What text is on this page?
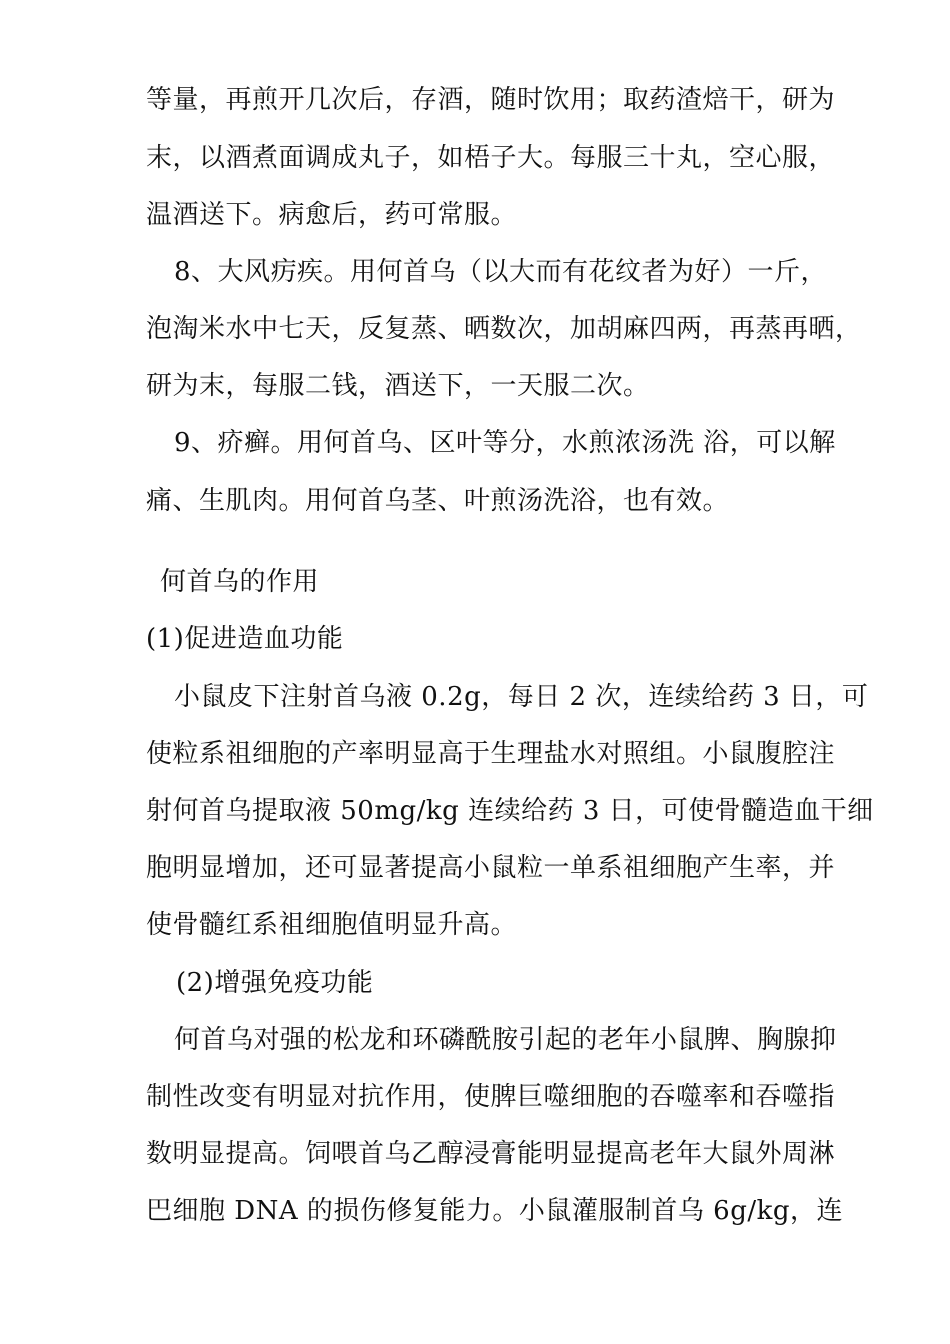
等量，再煎开几次后，存酒，随时饮用；取药渣焙干，研为
末，以酒煮面调成丸子，如梧子大。每服三十丸，空心服，
温酒送下。病愈后，药可常服。
8、大风疠疾。用何首乌（以大而有花纹者为好）一斤，
泡淘米水中七天，反复蒸、晒数次，加胡麻四两，再蒸再晒，
研为末，每服二钱，酒送下，一天服二次。
9、疥癣。用何首乌、区叶等分，水煎浓汤洗 浴，可以解
痛、生肌肉。用何首乌茎、叶煎汤洗浴，也有效。
何首乌的作用
(1)促进造血功能
小鼠皮下注射首乌液 0.2g，每日 2 次，连续给药 3 日，可
使粒系祖细胞的产率明显高于生理盐水对照组。小鼠腹腔注
射何首乌提取液 50mg/kg 连续给药 3 日，可使骨髓造血干细
胞明显增加，还可显著提高小鼠粒一单系祖细胞产生率，并
使骨髓红系祖细胞值明显升高。
(2)增强免疫功能
何首乌对强的松龙和环磷酰胺引起的老年小鼠脾、胸腺抑
制性改变有明显对抗作用，使脾巨噬细胞的吞噬率和吞噬指
数明显提高。饲喂首乌乙醇浸膏能明显提高老年大鼠外周淋
巴细胞 DNA 的损伤修复能力。小鼠灌服制首乌 6g/kg，连
